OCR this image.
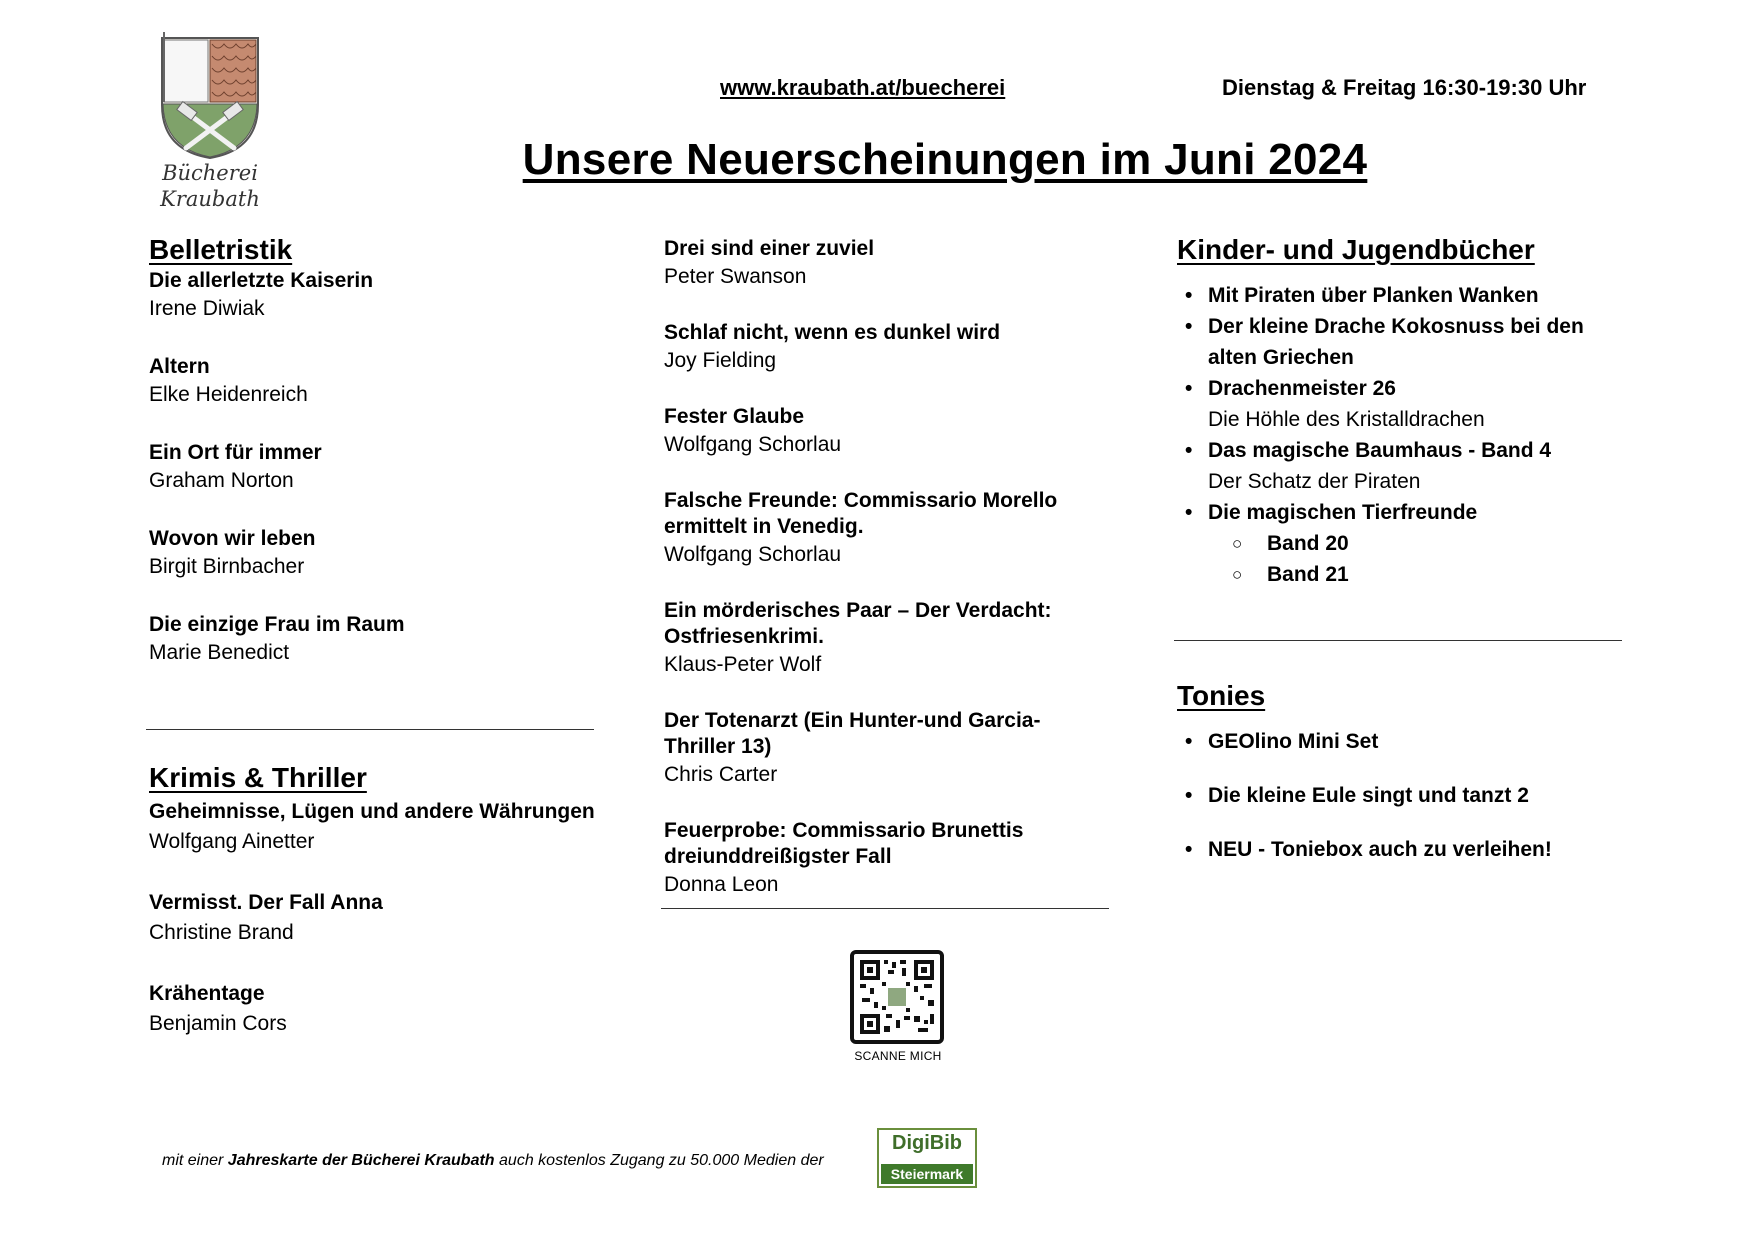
Bücherei
Kraubath
www.kraubath.at/buecherei	Dienstag & Freitag 16:30-19:30 Uhr
Unsere Neuerscheinungen im Juni 2024
Belletristik
Die allerletzte Kaiserin
Irene Diwiak
Altern
Elke Heidenreich
Ein Ort für immer
Graham Norton
Wovon wir leben
Birgit Birnbacher
Die einzige Frau im Raum
Marie Benedict
Krimis & Thriller
Geheimnisse, Lügen und andere Währungen
Wolfgang Ainetter
Vermisst. Der Fall Anna
Christine Brand
Krähentage
Benjamin Cors
Drei sind einer zuviel
Peter Swanson
Schlaf nicht, wenn es dunkel wird
Joy Fielding
Fester Glaube
Wolfgang Schorlau
Falsche Freunde: Commissario Morello ermittelt in Venedig.
Wolfgang Schorlau
Ein mörderisches Paar – Der Verdacht: Ostfriesenkrimi.
Klaus-Peter Wolf
Der Totenarzt (Ein Hunter-und Garcia-Thriller 13)
Chris Carter
Feuerprobe: Commissario Brunettis dreiunddreißigster Fall
Donna Leon
SCANNE MICH
Kinder- und Jugendbücher
• Mit Piraten über Planken Wanken
• Der kleine Drache Kokosnuss bei den alten Griechen
• Drachenmeister 26
Die Höhle des Kristalldrachen
• Das magische Baumhaus - Band 4
Der Schatz der Piraten
• Die magischen Tierfreunde
○ Band 20
○ Band 21
Tonies
• GEOlino Mini Set
• Die kleine Eule singt und tanzt 2
• NEU - Toniebox auch zu verleihen!
mit einer Jahreskarte der Bücherei Kraubath auch kostenlos Zugang zu 50.000 Medien der
DigiBib
Steiermark
